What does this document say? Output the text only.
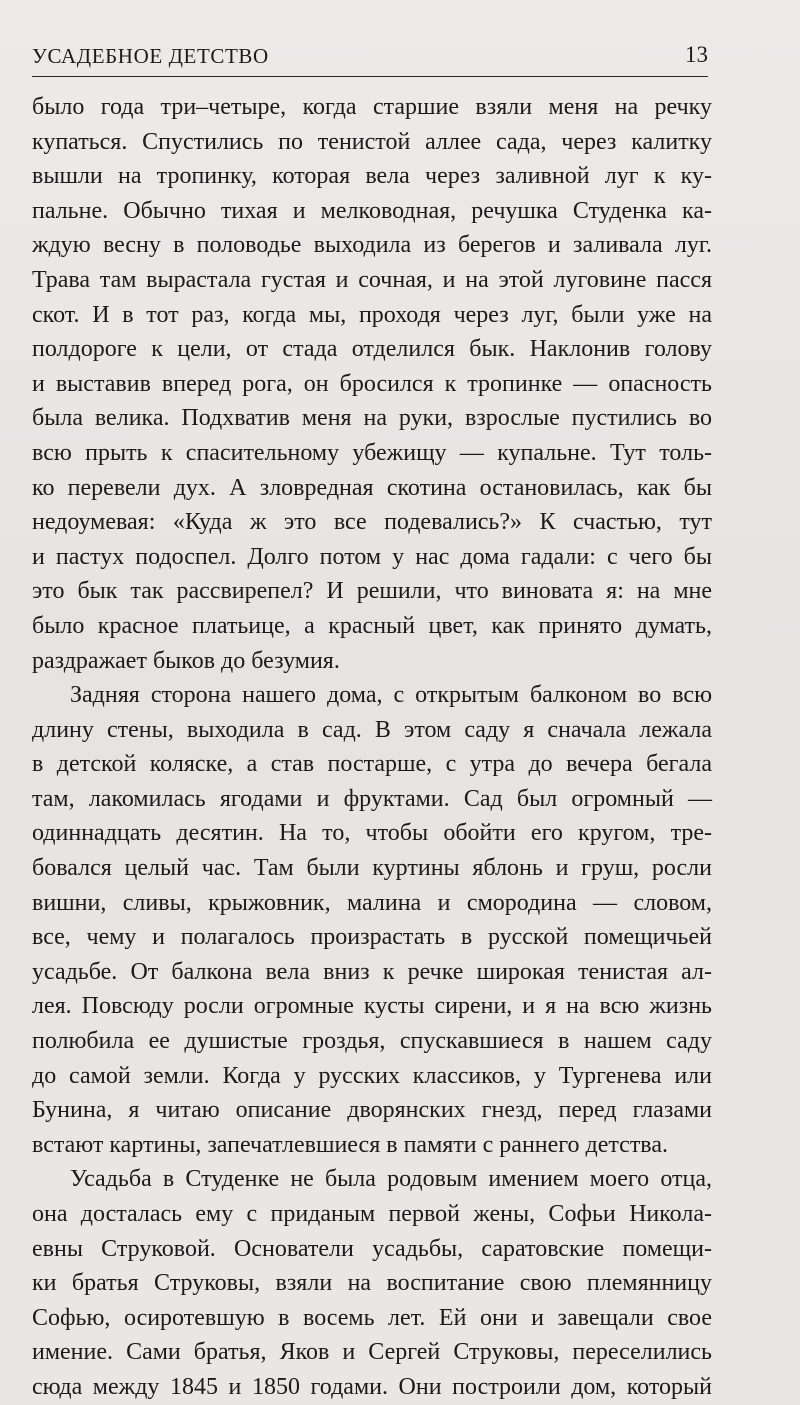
УСАДЕБНОЕ ДЕТСТВО	13
было года три–четыре, когда старшие взяли меня на речку
купаться. Спустились по тенистой аллее сада, через калитку
вышли на тропинку, которая вела через заливной луг к ку-
пальне. Обычно тихая и мелководная, речушка Студенка ка-
ждую весну в половодье выходила из берегов и заливала луг.
Трава там вырастала густая и сочная, и на этой луговине пасся
скот. И в тот раз, когда мы, проходя через луг, были уже на
полдороге к цели, от стада отделился бык. Наклонив голову
и выставив вперед рога, он бросился к тропинке — опасность
была велика. Подхватив меня на руки, взрослые пустились во
всю прыть к спасительному убежищу — купальне. Тут толь-
ко перевели дух. А зловредная скотина остановилась, как бы
недоумевая: «Куда ж это все подевались?» К счастью, тут
и пастух подоспел. Долго потом у нас дома гадали: с чего бы
это бык так рассвирепел? И решили, что виновата я: на мне
было красное платьице, а красный цвет, как принято думать,
раздражает быков до безумия.
Задняя сторона нашего дома, с открытым балконом во всю
длину стены, выходила в сад. В этом саду я сначала лежала
в детской коляске, а став постарше, с утра до вечера бегала
там, лакомилась ягодами и фруктами. Сад был огромный —
одиннадцать десятин. На то, чтобы обойти его кругом, тре-
бовался целый час. Там были куртины яблонь и груш, росли
вишни, сливы, крыжовник, малина и смородина — словом,
все, чему и полагалось произрастать в русской помещичьей
усадьбе. От балкона вела вниз к речке широкая тенистая ал-
лея. Повсюду росли огромные кусты сирени, и я на всю жизнь
полюбила ее душистые гроздья, спускавшиеся в нашем саду
до самой земли. Когда у русских классиков, у Тургенева или
Бунина, я читаю описание дворянских гнезд, перед глазами
встают картины, запечатлевшиеся в памяти с раннего детства.
Усадьба в Студенке не была родовым имением моего отца,
она досталась ему с приданым первой жены, Софьи Никола-
евны Струковой. Основатели усадьбы, саратовские помещи-
ки братья Струковы, взяли на воспитание свою племянницу
Софью, осиротевшую в восемь лет. Ей они и завещали свое
имение. Сами братья, Яков и Сергей Струковы, переселились
сюда между 1845 и 1850 годами. Они построили дом, который
